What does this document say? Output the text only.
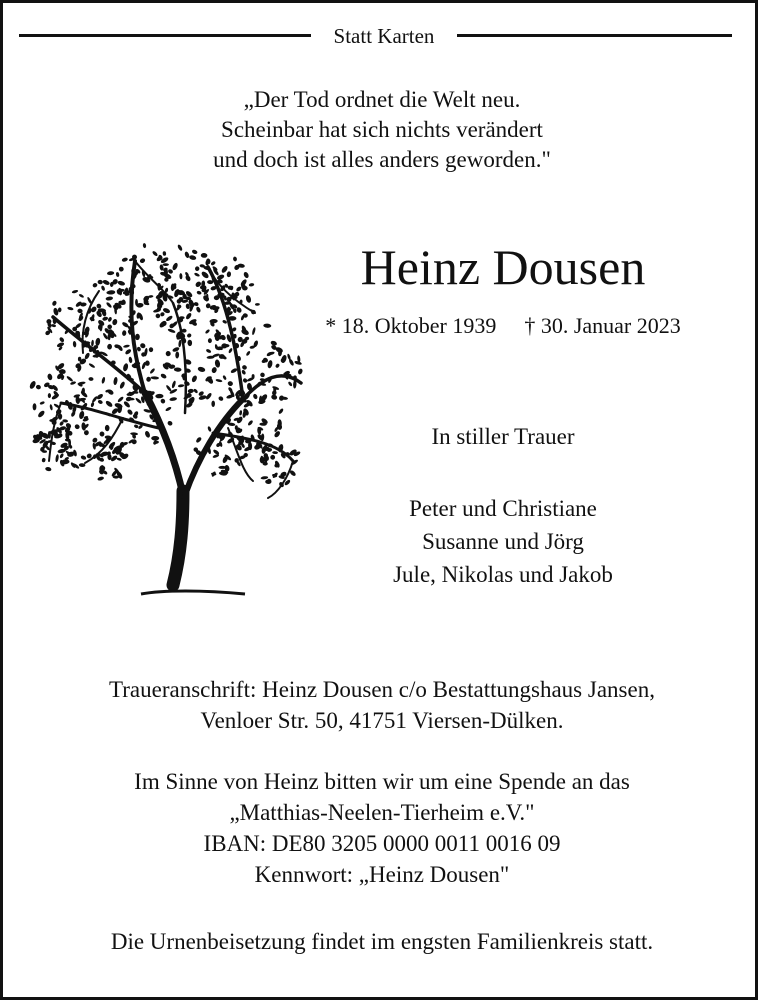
Statt Karten
„Der Tod ordnet die Welt neu.
Scheinbar hat sich nichts verändert
und doch ist alles anders geworden."
Heinz Dousen
* 18. Oktober 1939 † 30. Januar 2023
In stiller Trauer
Peter und Christiane
Susanne und Jörg
Jule, Nikolas und Jakob
Traueranschrift: Heinz Dousen c/o Bestattungshaus Jansen,
Venloer Str. 50, 41751 Viersen-Dülken.
Im Sinne von Heinz bitten wir um eine Spende an das
„Matthias-Neelen-Tierheim e.V."
IBAN: DE80 3205 0000 0011 0016 09
Kennwort: „Heinz Dousen"
Die Urnenbeisetzung findet im engsten Familienkreis statt.
